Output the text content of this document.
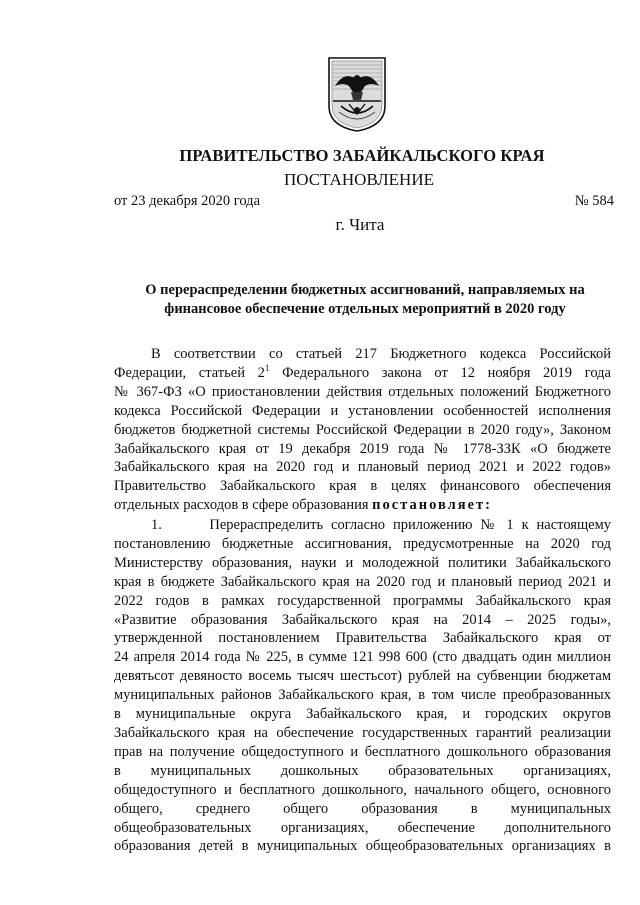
ПРАВИТЕЛЬСТВО ЗАБАЙКАЛЬСКОГО КРАЯ
ПОСТАНОВЛЕНИЕ
от 23 декабря 2020 года	№ 584
г. Чита
О перераспределении бюджетных ассигнований, направляемых на
финансовое обеспечение отдельных мероприятий в 2020 году
В соответствии со статьей 217 Бюджетного кодекса Российской
Федерации, статьей $2^1$ Федерального закона от 12 ноября 2019 года
№ 367-ФЗ «О приостановлении действия отдельных положений Бюджетного
кодекса Российской Федерации и установлении особенностей исполнения
бюджетов бюджетной системы Российской Федерации в 2020 году», Законом
Забайкальского края от 19 декабря 2019 года № 1778-ЗЗК «О бюджете
Забайкальского края на 2020 год и плановый период 2021 и 2022 годов»
Правительство Забайкальского края в целях финансового обеспечения
отдельных расходов в сфере образования постановляет:
1.      Перераспределить согласно приложению № 1 к настоящему
постановлению бюджетные ассигнования, предусмотренные на 2020 год
Министерству образования, науки и молодежной политики Забайкальского
края в бюджете Забайкальского края на 2020 год и плановый период 2021 и
2022 годов в рамках государственной программы Забайкальского края
«Развитие образования Забайкальского края на 2014 – 2025 годы»,
утвержденной постановлением Правительства Забайкальского края от
24 апреля 2014 года № 225, в сумме 121 998 600 (сто двадцать один миллион
девятьсот девяносто восемь тысяч шестьсот) рублей на субвенции бюджетам
муниципальных районов Забайкальского края, в том числе преобразованных
в муниципальные округа Забайкальского края, и городских округов
Забайкальского края на обеспечение государственных гарантий реализации
прав на получение общедоступного и бесплатного дошкольного образования
в муниципальных дошкольных образовательных организациях,
общедоступного и бесплатного дошкольного, начального общего, основного
общего, среднего общего образования в муниципальных
общеобразовательных организациях, обеспечение дополнительного
образования детей в муниципальных общеобразовательных организациях в
